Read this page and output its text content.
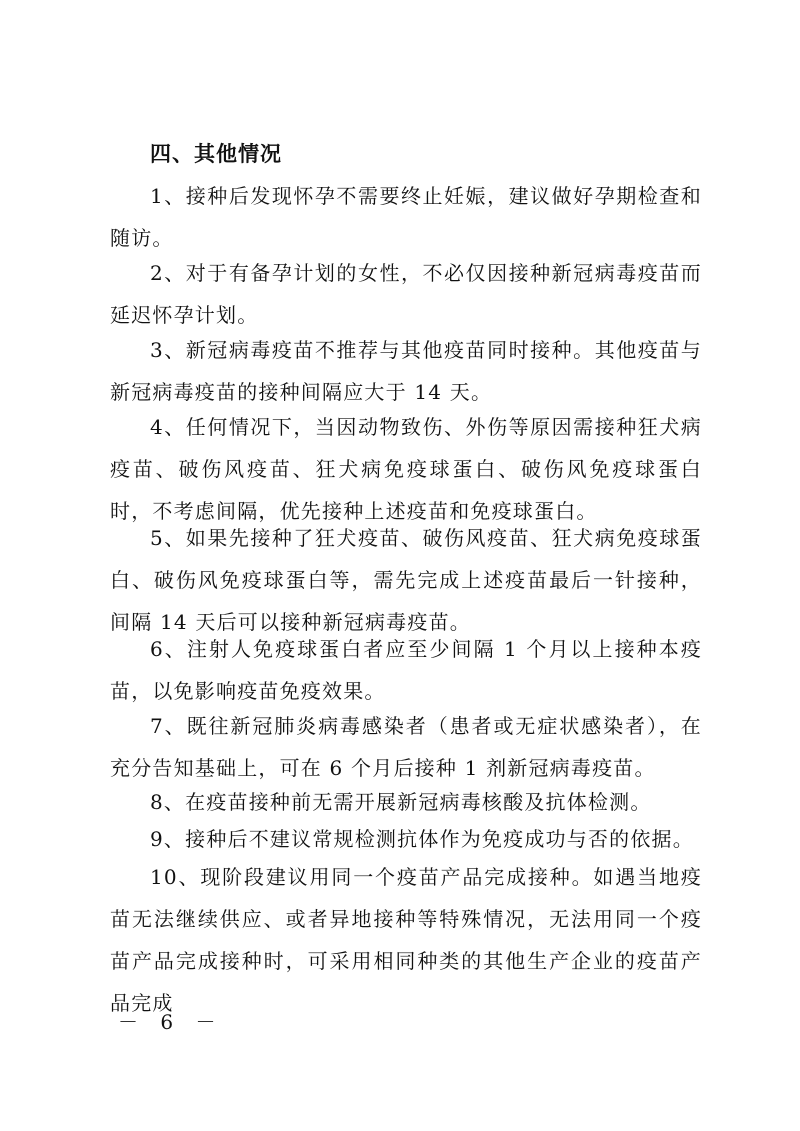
四、其他情况

1、接种后发现怀孕不需要终止妊娠，建议做好孕期检查和随访。

2、对于有备孕计划的女性，不必仅因接种新冠病毒疫苗而延迟怀孕计划。

3、新冠病毒疫苗不推荐与其他疫苗同时接种。其他疫苗与新冠病毒疫苗的接种间隔应大于 14 天。

4、任何情况下，当因动物致伤、外伤等原因需接种狂犬病疫苗、破伤风疫苗、狂犬病免疫球蛋白、破伤风免疫球蛋白时，不考虑间隔，优先接种上述疫苗和免疫球蛋白。

5、如果先接种了狂犬疫苗、破伤风疫苗、狂犬病免疫球蛋白、破伤风免疫球蛋白等，需先完成上述疫苗最后一针接种，间隔 14 天后可以接种新冠病毒疫苗。

6、注射人免疫球蛋白者应至少间隔 1 个月以上接种本疫苗，以免影响疫苗免疫效果。

7、既往新冠肺炎病毒感染者（患者或无症状感染者），在充分告知基础上，可在 6 个月后接种 1 剂新冠病毒疫苗。

8、在疫苗接种前无需开展新冠病毒核酸及抗体检测。

9、接种后不建议常规检测抗体作为免疫成功与否的依据。

10、现阶段建议用同一个疫苗产品完成接种。如遇当地疫苗无法继续供应、或者异地接种等特殊情况，无法用同一个疫苗产品完成接种时，可采用相同种类的其他生产企业的疫苗产品完成

－ 6 －
